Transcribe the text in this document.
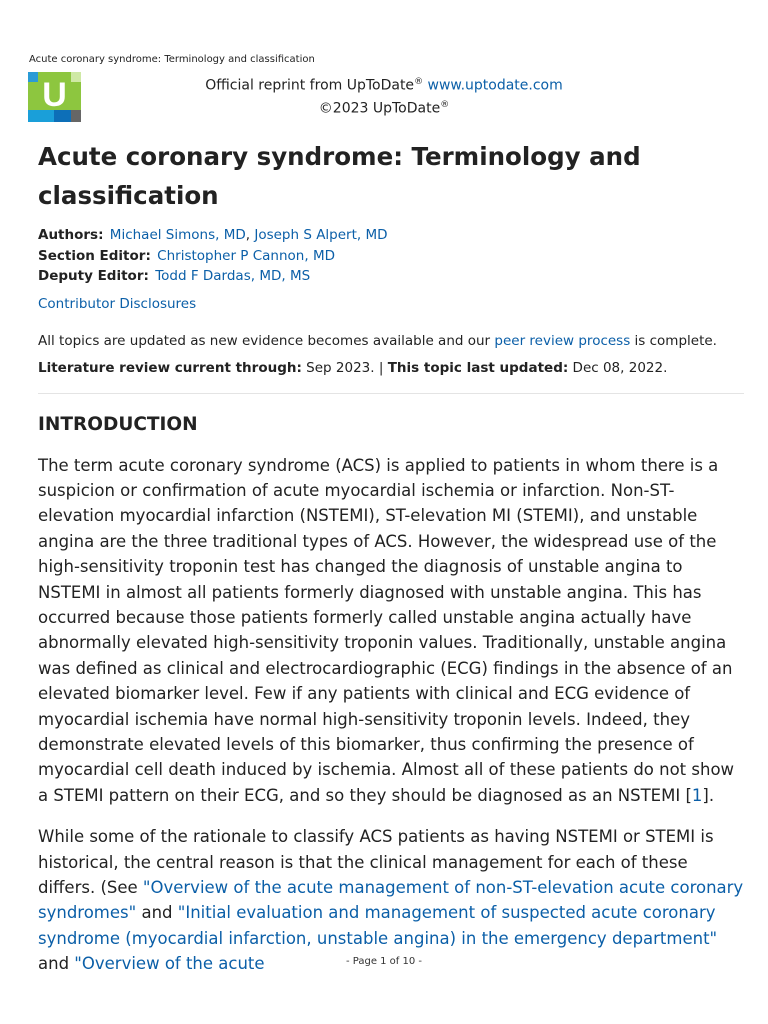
Acute coronary syndrome: Terminology and classification
U	Official reprint from UpToDate® www.uptodate.com
©2023 UpToDate®
Acute coronary syndrome: Terminology and classification
Authors: Michael Simons, MD, Joseph S Alpert, MD
Section Editor: Christopher P Cannon, MD
Deputy Editor: Todd F Dardas, MD, MS
Contributor Disclosures
All topics are updated as new evidence becomes available and our peer review process is complete.
Literature review current through: Sep 2023. | This topic last updated: Dec 08, 2022.
INTRODUCTION

The term acute coronary syndrome (ACS) is applied to patients in whom there is a suspicion or confirmation of acute myocardial ischemia or infarction. Non-ST-elevation myocardial infarction (NSTEMI), ST-elevation MI (STEMI), and unstable angina are the three traditional types of ACS. However, the widespread use of the high-sensitivity troponin test has changed the diagnosis of unstable angina to NSTEMI in almost all patients formerly diagnosed with unstable angina. This has occurred because those patients formerly called unstable angina actually have abnormally elevated high-sensitivity troponin values. Traditionally, unstable angina was defined as clinical and electrocardiographic (ECG) findings in the absence of an elevated biomarker level. Few if any patients with clinical and ECG evidence of myocardial ischemia have normal high-sensitivity troponin levels. Indeed, they demonstrate elevated levels of this biomarker, thus confirming the presence of myocardial cell death induced by ischemia. Almost all of these patients do not show a STEMI pattern on their ECG, and so they should be diagnosed as an NSTEMI [1].

While some of the rationale to classify ACS patients as having NSTEMI or STEMI is historical, the central reason is that the clinical management for each of these differs. (See "Overview of the acute management of non-ST-elevation acute coronary syndromes" and "Initial evaluation and management of suspected acute coronary syndrome (myocardial infarction, unstable angina) in the emergency department" and "Overview of the acute	- Page 1 of 10 -
